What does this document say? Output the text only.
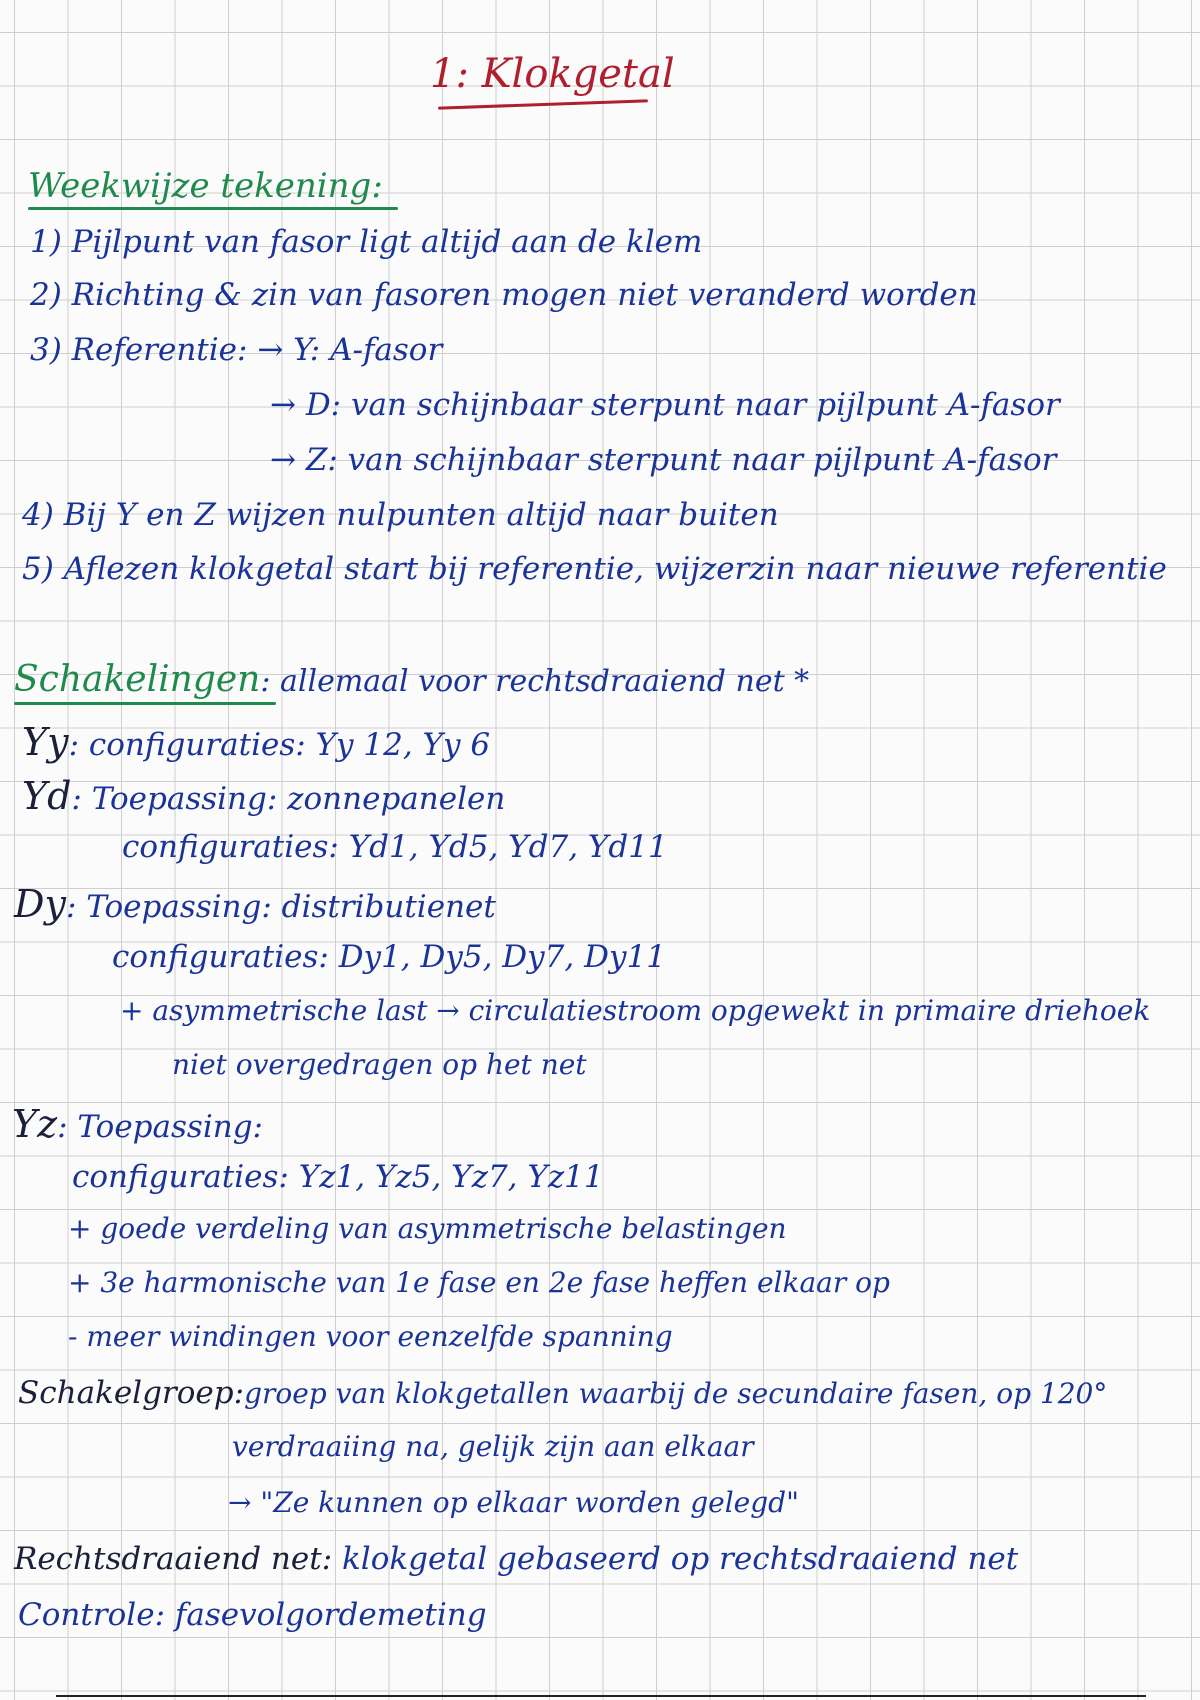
1: Klokgetal
Weekwijze tekening:
1) Pijlpunt van fasor ligt altijd aan de klem
2) Richting & zin van fasoren mogen niet veranderd worden
3) Referentie: → Y: A-fasor
→ D: van schijnbaar sterpunt naar pijlpunt A-fasor
→ Z: van schijnbaar sterpunt naar pijlpunt A-fasor
4) Bij Y en Z wijzen nulpunten altijd naar buiten
5) Aflezen klokgetal start bij referentie, wijzerzin naar nieuwe referentie
Schakelingen: allemaal voor rechtsdraaiend net *
Yy: configuraties: Yy 12, Yy 6
Yd: Toepassing: zonnepanelen
configuraties: Yd1, Yd5, Yd7, Yd11
Dy: Toepassing: distributienet
configuraties: Dy1, Dy5, Dy7, Dy11
+ asymmetrische last → circulatiestroom opgewekt in primaire driehoek
niet overgedragen op het net
Yz: Toepassing:
configuraties: Yz1, Yz5, Yz7, Yz11
+ goede verdeling van asymmetrische belastingen
+ 3e harmonische van 1e fase en 2e fase heffen elkaar op
- meer windingen voor eenzelfde spanning
Schakelgroep:groep van klokgetallen waarbij de secundaire fasen, op 120°
verdraaiing na, gelijk zijn aan elkaar
→ "Ze kunnen op elkaar worden gelegd"
Rechtsdraaiend net: klokgetal gebaseerd op rechtsdraaiend net
Controle: fasevolgordemeting
